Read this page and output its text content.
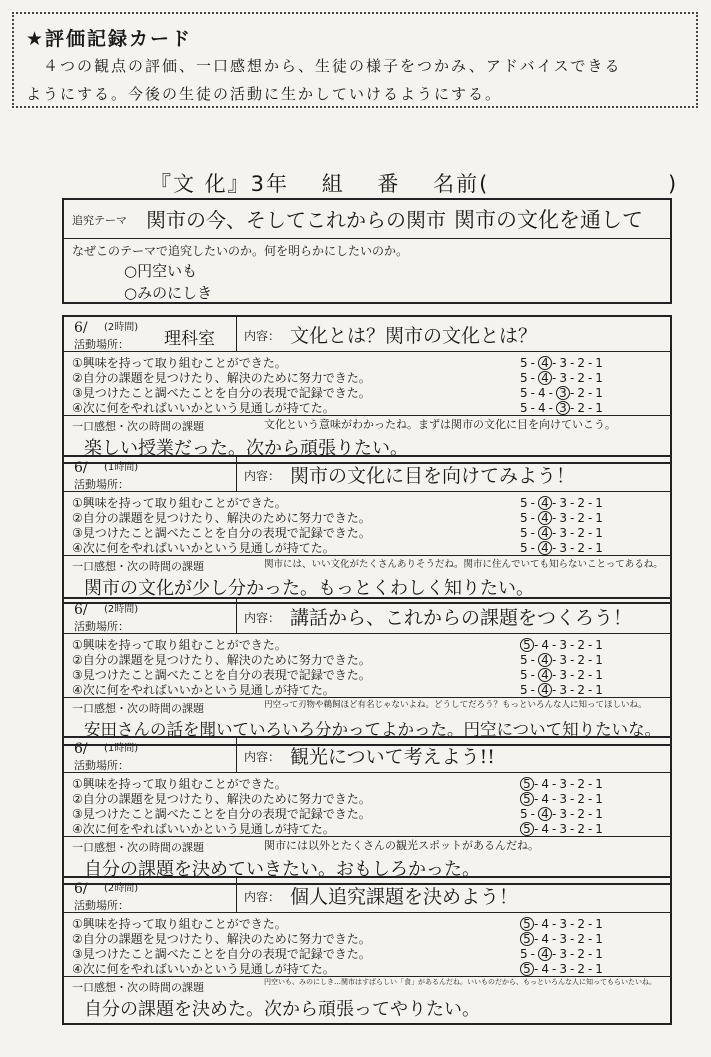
★評価記録カード
　４つの観点の評価、一口感想から、生徒の様子をつかみ、アドバイスできる
ようにする。今後の生徒の活動に生かしていけるようにする。
『文 化』3年 組 番 名前(	)
追究テーマ 関市の今、そしてこれからの関市 関市の文化を通して
なぜこのテーマで追究したいのか。何を明らかにしたいのか。
○円空いも
○みのにしき
6/ (2時間)
活動場所： 理科室 内容： 文化とは？関市の文化とは？
①興味を持って取り組むことができた。	5- 4 -3-2-1
②自分の課題を見つけたり、解決のために努力できた。	5- 4 -3-2-1
③見つけたこと調べたことを自分の表現で記録できた。	5-4- 3 -2-1
④次に何をやればいいかという見通しが持てた。	5-4- 3 -2-1
一口感想・次の時間の課題	文化という意味がわかったね。まずは関市の文化に目を向けていこう。
楽しい授業だった。次から頑張りたい。
6/ (1時間)
活動場所：
内容： 関市の文化に目を向けてみよう！
①興味を持って取り組むことができた。	5- 4 -3-2-1
②自分の課題を見つけたり、解決のために努力できた。	5- 4 -3-2-1
③見つけたこと調べたことを自分の表現で記録できた。	5- 4 -3-2-1
④次に何をやればいいかという見通しが持てた。	5- 4 -3-2-1
一口感想・次の時間の課題	関市には、いい文化がたくさんありそうだね。関市に住んでいても知らないことってあるね。
関市の文化が少し分かった。もっとくわしく知りたい。
6/ (2時間)
活動場所：
内容： 講話から、これからの課題をつくろう！
①興味を持って取り組むことができた。	5 -4-3-2-1
②自分の課題を見つけたり、解決のために努力できた。	5- 4 -3-2-1
③見つけたこと調べたことを自分の表現で記録できた。	5- 4 -3-2-1
④次に何をやればいいかという見通しが持てた。	5- 4 -3-2-1
一口感想・次の時間の課題	円空って刃物や鵜飼ほど有名じゃないよね。どうしてだろう？もっといろんな人に知ってほしいね。
安田さんの話を聞いていろいろ分かってよかった。円空について知りたいな。
6/ (1時間)
活動場所：
内容： 観光について考えよう!!
①興味を持って取り組むことができた。	5 -4-3-2-1
②自分の課題を見つけたり、解決のために努力できた。	5 -4-3-2-1
③見つけたこと調べたことを自分の表現で記録できた。	5- 4 -3-2-1
④次に何をやればいいかという見通しが持てた。	5 -4-3-2-1
一口感想・次の時間の課題	関市には以外とたくさんの観光スポットがあるんだね。
自分の課題を決めていきたい。おもしろかった。
6/ (2時間)
活動場所：
内容： 個人追究課題を決めよう！
①興味を持って取り組むことができた。	5 -4-3-2-1
②自分の課題を見つけたり、解決のために努力できた。	5 -4-3-2-1
③見つけたこと調べたことを自分の表現で記録できた。	5- 4 -3-2-1
④次に何をやればいいかという見通しが持てた。	5 -4-3-2-1
一口感想・次の時間の課題	円空いも、みのにしき…関市はすばらしい「食」があるんだね。いいものだから、もっといろんな人に知ってもらいたいね。
自分の課題を決めた。次から頑張ってやりたい。
